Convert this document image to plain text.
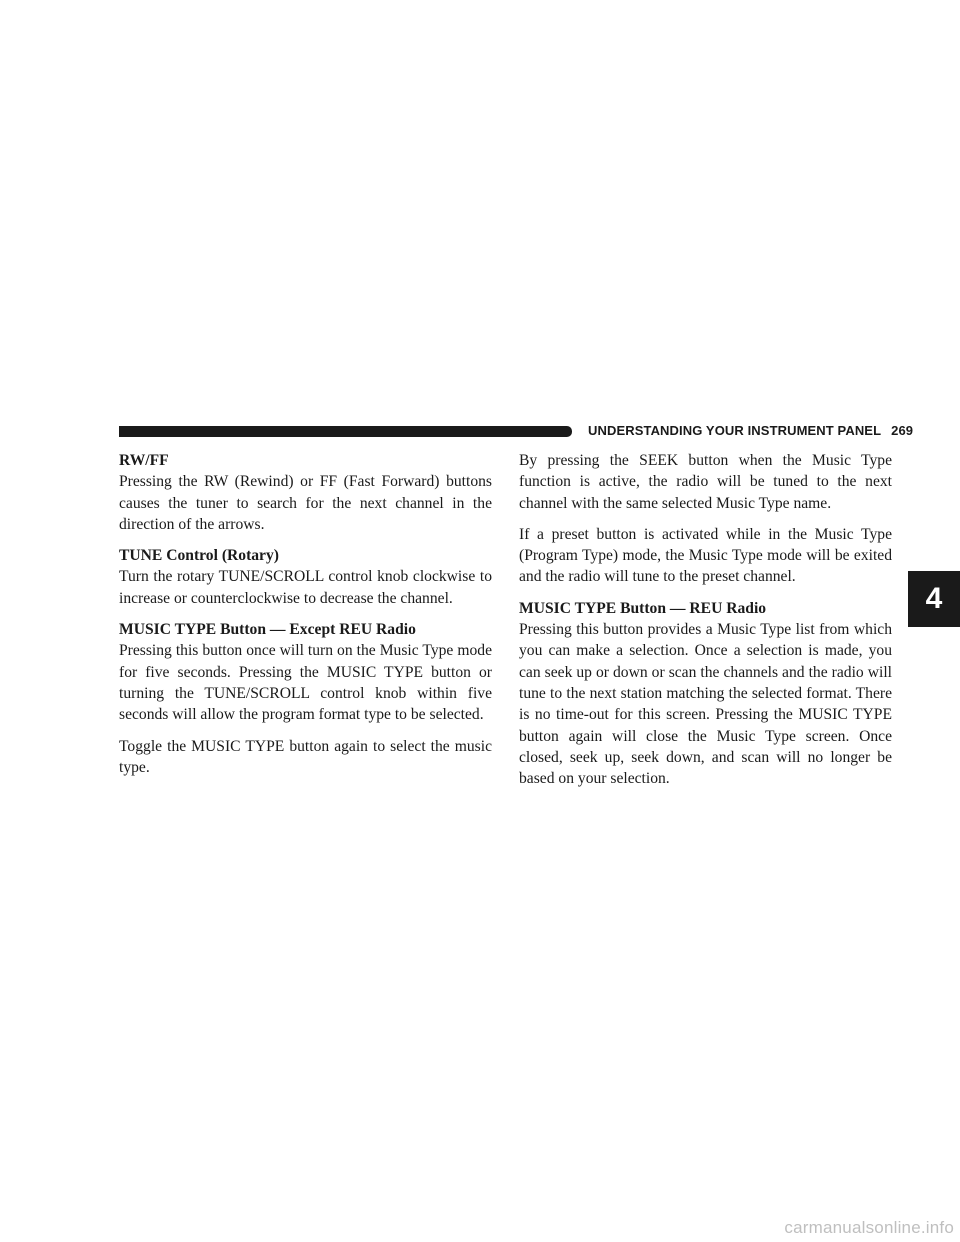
UNDERSTANDING YOUR INSTRUMENT PANEL 269
RW/FF

Pressing the RW (Rewind) or FF (Fast Forward) buttons causes the tuner to search for the next channel in the direction of the arrows.

TUNE Control (Rotary)

Turn the rotary TUNE/SCROLL control knob clockwise to increase or counterclockwise to decrease the channel.

MUSIC TYPE Button — Except REU Radio

Pressing this button once will turn on the Music Type mode for five seconds. Pressing the MUSIC TYPE button or turning the TUNE/SCROLL control knob within five seconds will allow the program format type to be selected.

Toggle the MUSIC TYPE button again to select the music type.

By pressing the SEEK button when the Music Type function is active, the radio will be tuned to the next channel with the same selected Music Type name.

If a preset button is activated while in the Music Type (Program Type) mode, the Music Type mode will be exited and the radio will tune to the preset channel.

MUSIC TYPE Button — REU Radio

Pressing this button provides a Music Type list from which you can make a selection. Once a selection is made, you can seek up or down or scan the channels and the radio will tune to the next station matching the selected format. There is no time-out for this screen. Pressing the MUSIC TYPE button again will close the Music Type screen. Once closed, seek up, seek down, and scan will no longer be based on your selection.

4
carmanualsonline.info
